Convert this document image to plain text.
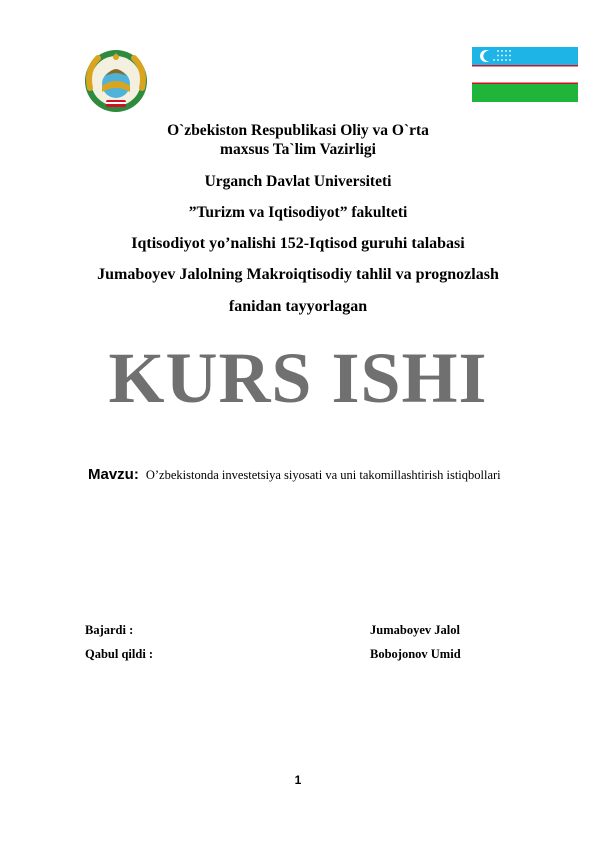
O`zbekiston Respublikasi Oliy va O`rta
maxsus Ta`lim Vazirligi
Urganch Davlat Universiteti
”Turizm va Iqtisodiyot” fakulteti
Iqtisodiyot yo’nalishi 152-Iqtisod guruhi talabasi
Jumaboyev Jalolning Makroiqtisodiy tahlil va prognozlash
fanidan tayyorlagan
KURS ISHI
Mavzu: O’zbekistonda investetsiya siyosati va uni takomillashtirish istiqbollari
Bajardi :	Jumaboyev Jalol
Qabul qildi :	Bobojonov Umid
1
